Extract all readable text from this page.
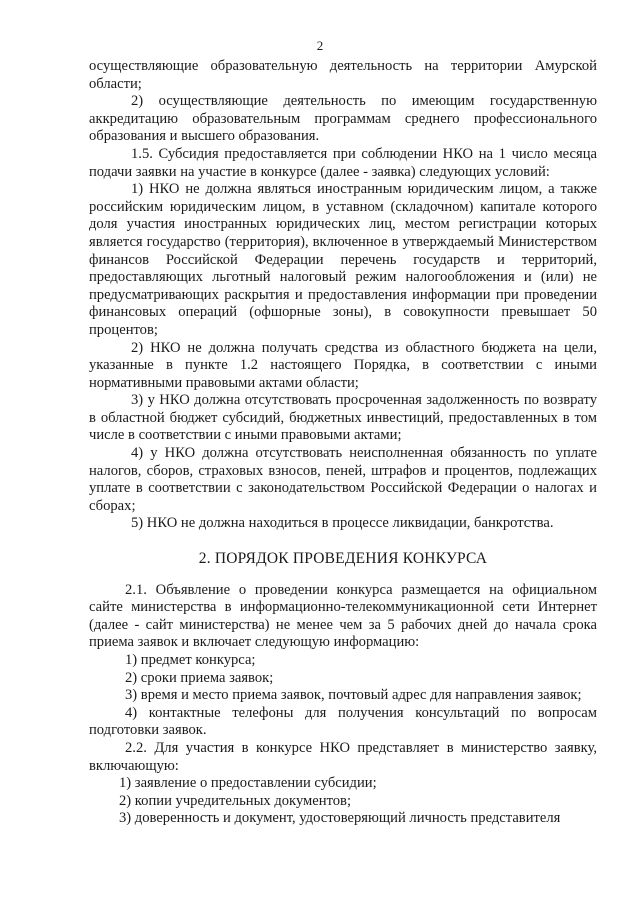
2

осуществляющие образовательную деятельность на территории Амурской области;

2) осуществляющие деятельность по имеющим государственную аккредитацию образовательным программам среднего профессионального образования и высшего образования.

1.5. Субсидия предоставляется при соблюдении НКО на 1 число месяца подачи заявки на участие в конкурсе (далее - заявка) следующих условий:

1) НКО не должна являться иностранным юридическим лицом, а также российским юридическим лицом, в уставном (складочном) капитале которого доля участия иностранных юридических лиц, местом регистрации которых является государство (территория), включенное в утверждаемый Министерством финансов Российской Федерации перечень государств и территорий, предоставляющих льготный налоговый режим налогообложения и (или) не предусматривающих раскрытия и предоставления информации при проведении финансовых операций (офшорные зоны), в совокупности превышает 50 процентов;

2) НКО не должна получать средства из областного бюджета на цели, указанные в пункте 1.2 настоящего Порядка, в соответствии с иными нормативными правовыми актами области;

3) у НКО должна отсутствовать просроченная задолженность по возврату в областной бюджет субсидий, бюджетных инвестиций, предоставленных в том числе в соответствии с иными правовыми актами;

4) у НКО должна отсутствовать неисполненная обязанность по уплате налогов, сборов, страховых взносов, пеней, штрафов и процентов, подлежащих уплате в соответствии с законодательством Российской Федерации о налогах и сборах;

5) НКО не должна находиться в процессе ликвидации, банкротства.

2. ПОРЯДОК ПРОВЕДЕНИЯ КОНКУРСА

2.1. Объявление о проведении конкурса размещается на официальном сайте министерства в информационно-телекоммуникационной сети Интернет (далее - сайт министерства) не менее чем за 5 рабочих дней до начала срока приема заявок и включает следующую информацию:

1) предмет конкурса;

2) сроки приема заявок;

3) время и место приема заявок, почтовый адрес для направления заявок;

4) контактные телефоны для получения консультаций по вопросам подготовки заявок.

2.2. Для участия в конкурсе НКО представляет в министерство заявку, включающую:

1) заявление о предоставлении субсидии;

2) копии учредительных документов;

3) доверенность и документ, удостоверяющий личность представителя
